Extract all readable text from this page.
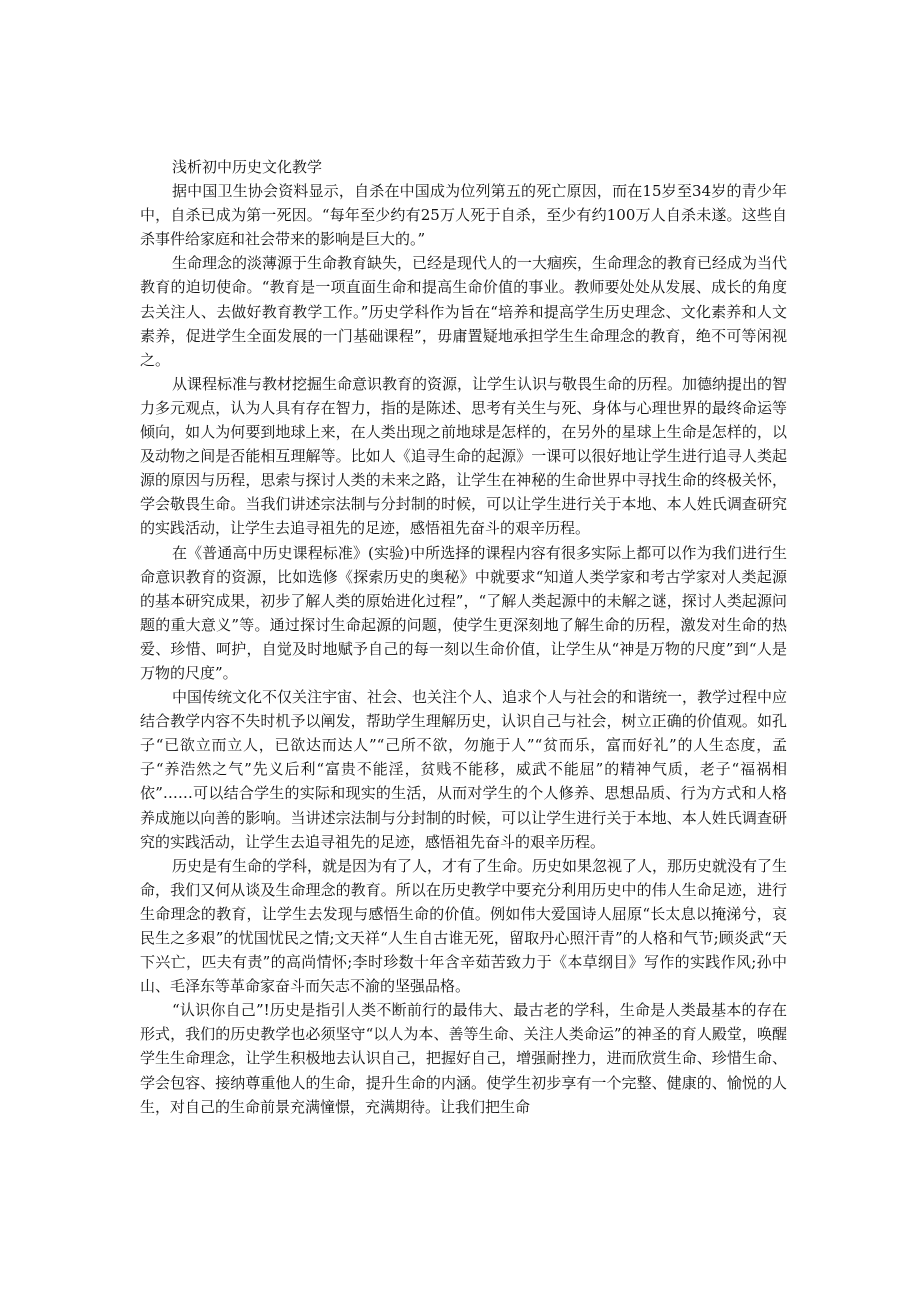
浅析初中历史文化教学

据中国卫生协会资料显示，自杀在中国成为位列第五的死亡原因，而在15岁至34岁的青少年中，自杀已成为第一死因。“每年至少约有25万人死于自杀，至少有约100万人自杀未遂。这些自杀事件给家庭和社会带来的影响是巨大的。”

生命理念的淡薄源于生命教育缺失，已经是现代人的一大痼疾，生命理念的教育已经成为当代教育的迫切使命。“教育是一项直面生命和提高生命价值的事业。教师要处处从发展、成长的角度去关注人、去做好教育教学工作。”历史学科作为旨在“培养和提高学生历史理念、文化素养和人文素养，促进学生全面发展的一门基础课程”，毋庸置疑地承担学生生命理念的教育，绝不可等闲视之。

从课程标准与教材挖掘生命意识教育的资源，让学生认识与敬畏生命的历程。加德纳提出的智力多元观点，认为人具有存在智力，指的是陈述、思考有关生与死、身体与心理世界的最终命运等倾向，如人为何要到地球上来，在人类出现之前地球是怎样的，在另外的星球上生命是怎样的，以及动物之间是否能相互理解等。比如人《追寻生命的起源》一课可以很好地让学生进行追寻人类起源的原因与历程，思索与探讨人类的未来之路，让学生在神秘的生命世界中寻找生命的终极关怀，学会敬畏生命。当我们讲述宗法制与分封制的时候，可以让学生进行关于本地、本人姓氏调查研究的实践活动，让学生去追寻祖先的足迹，感悟祖先奋斗的艰辛历程。

在《普通高中历史课程标准》(实验)中所选择的课程内容有很多实际上都可以作为我们进行生命意识教育的资源，比如选修《探索历史的奥秘》中就要求“知道人类学家和考古学家对人类起源的基本研究成果，初步了解人类的原始进化过程”，“了解人类起源中的未解之谜，探讨人类起源问题的重大意义”等。通过探讨生命起源的问题，使学生更深刻地了解生命的历程，激发对生命的热爱、珍惜、呵护，自觉及时地赋予自己的每一刻以生命价值，让学生从“神是万物的尺度”到“人是万物的尺度”。

中国传统文化不仅关注宇宙、社会、也关注个人、追求个人与社会的和谐统一，教学过程中应结合教学内容不失时机予以阐发，帮助学生理解历史，认识自己与社会，树立正确的价值观。如孔子“已欲立而立人，已欲达而达人”“己所不欲，勿施于人”“贫而乐，富而好礼”的人生态度，孟子“养浩然之气”先义后利“富贵不能淫，贫贱不能移，威武不能屈”的精神气质，老子“福祸相依”……可以结合学生的实际和现实的生活，从而对学生的个人修养、思想品质、行为方式和人格养成施以向善的影响。当讲述宗法制与分封制的时候，可以让学生进行关于本地、本人姓氏调查研究的实践活动，让学生去追寻祖先的足迹，感悟祖先奋斗的艰辛历程。

历史是有生命的学科，就是因为有了人，才有了生命。历史如果忽视了人，那历史就没有了生命，我们又何从谈及生命理念的教育。所以在历史教学中要充分利用历史中的伟人生命足迹，进行生命理念的教育，让学生去发现与感悟生命的价值。例如伟大爱国诗人屈原“长太息以掩涕兮，哀民生之多艰”的忧国忧民之情;文天祥“人生自古谁无死，留取丹心照汗青”的人格和气节;顾炎武“天下兴亡，匹夫有责”的高尚情怀;李时珍数十年含辛茹苦致力于《本草纲目》写作的实践作风;孙中山、毛泽东等革命家奋斗而矢志不渝的坚强品格。

“认识你自己”!历史是指引人类不断前行的最伟大、最古老的学科，生命是人类最基本的存在形式，我们的历史教学也必须坚守“以人为本、善等生命、关注人类命运”的神圣的育人殿堂，唤醒学生生命理念，让学生积极地去认识自己，把握好自己，增强耐挫力，进而欣赏生命、珍惜生命、学会包容、接纳尊重他人的生命，提升生命的内涵。使学生初步享有一个完整、健康的、愉悦的人生，对自己的生命前景充满憧憬，充满期待。让我们把生命
